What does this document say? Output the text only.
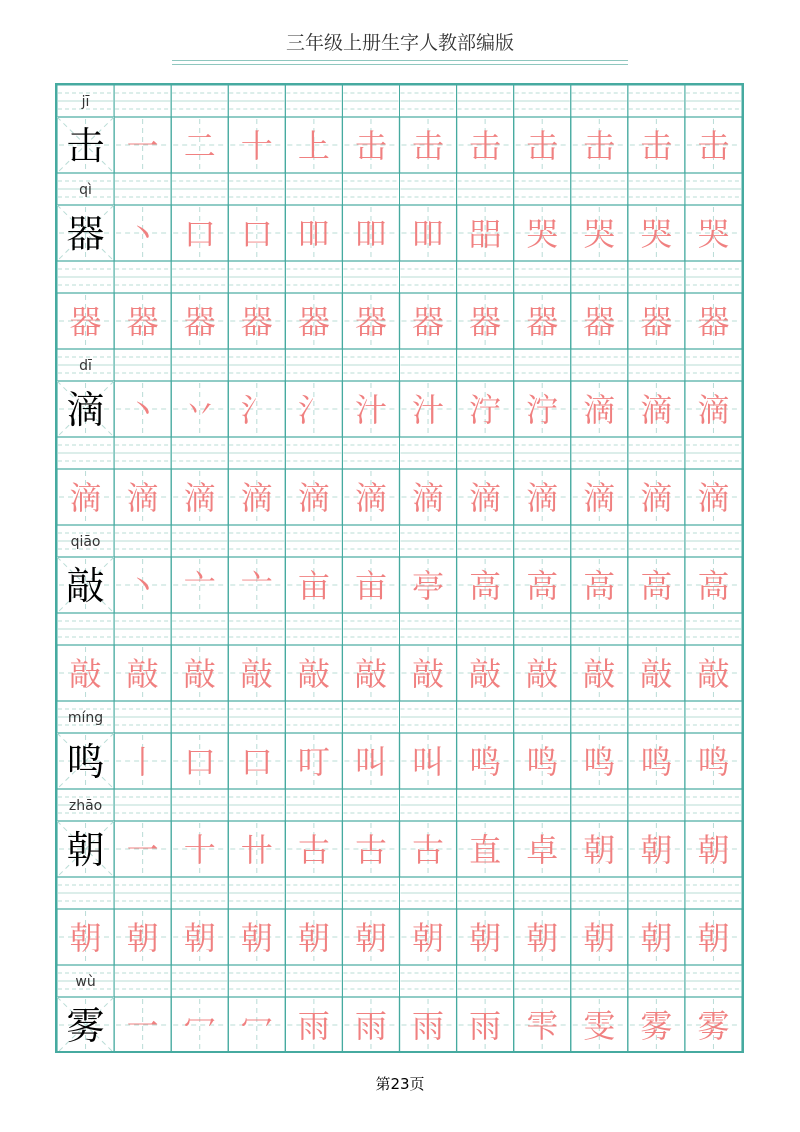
三年级上册生字人教部编版
jī
击 一 二 十 上 击 击 击 击 击 击 击
qì
器 丶 口 口 吅 吅 吅 㗊 哭 哭 哭 哭
器 器 器 器 器 器 器 器 器 器 器 器
dī
滴 丶 丷 氵 氵 汁 汁 泞 泞 滴 滴 滴
滴 滴 滴 滴 滴 滴 滴 滴 滴 滴 滴 滴
qiāo
敲 丶 亠 亠 亩 亩 亭 高 高 高 高 高
敲 敲 敲 敲 敲 敲 敲 敲 敲 敲 敲 敲
míng
鸣 丨 口 口 叮 叫 叫 鸣 鸣 鸣 鸣 鸣
zhāo
朝 一 十 卄 古 古 古 直 卓 朝 朝 朝
朝 朝 朝 朝 朝 朝 朝 朝 朝 朝 朝 朝
wù
雾 一 冖 冖 雨 雨 雨 雨 雫 雯 雾 雾
第23页
